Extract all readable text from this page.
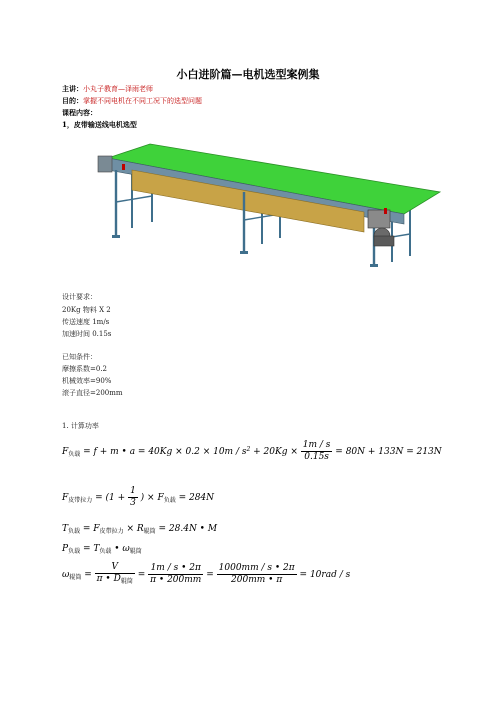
小白进阶篇—电机选型案例集
主讲：小丸子教育—泽雨老师
目的：掌握不同电机在不同工况下的选型问题
课程内容：
1，皮带输送线电机选型
设计要求：
20Kg 物料 X 2
传送速度 1m/s
加速时间 0.15s
已知条件：
摩擦系数=0.2
机械效率=90%
滚子直径=200mm
1. 计算功率
$F_{负载} = f + m$ • $a = 40Kg \times 0.2 \times 10m / s^2 + 20Kg \times \frac{1m / s}{0.15s} = 80N + 133N = 213N$
$F_{皮带拉力} = (1 + \frac{1}{3}$ ) × $F_{负载} = 284N$
$T_{负载} = F_{皮带拉力} \times R_{辊筒} = 28.4N$ • M
$P_{负载} = T_{负载}$ • $\omega_{辊筒}$
$\omega_{辊筒} = \frac{V}{\pi • D_{辊筒}} = \frac{1m / s • 2\pi}{\pi • 200mm} = \frac{1000mm / s • 2\pi}{200mm • \pi} = 10rad / s$
